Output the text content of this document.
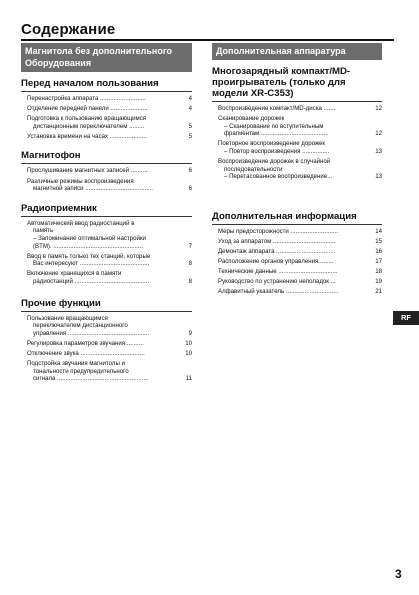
Содержание
Магнитола без дополнительного
Оборудования
Перед началом пользования
Перенастройка аппарата ...........................	4
Отделение передней панели ......................	4
Подготовка к пользованию вращающимся
дистанционным переключателем .........	5
Установка времени на часах ......................	5
Магнитофон
Прослушивание магнитных записей ..........	6
Различные режимы воспроизведения
магнитной записи ........................................	6
Радиоприемник
Автоматический ввод радиостанций в
память
– Запоминание оптимальной настройки
(BTM). .....................................................	7
Ввод в память только тех станций, которые
Вас интересуют .........................................	8
Включение хранящихся в памяти
радиостанций ............................................	8
Прочие функции
Пользование вращающимся
переключателем дистанционного
управления ................................................	9
Регулировка параметров звучания...........	10
Отключение звука ......................................	10
Подстройка звучания магнитолы и
тональности предупредительного
сигнала ......................................................	11
Дополнительная аппаратура
Многозарядный компакт/MD-проигрыватель (только для модели XR-C353)
Воспроизведение компакт/MD-диска .......	12
Сканирование дорожек
– Сканирование по вступительным
фрагментам ........................................	12
Повторное воспроизведение дорожек
– Повтор воспроизведения ................	13
Воспроизведение дорожек в случайной
последовательности
– Перетасованное воспроизведение...	13
Дополнительная информация
Меры предосторожности ............................	14
Уход за аппаратом .....................................	15
Демонтаж аппарата ...................................	16
Расположение органов управления.........	17
Технические данные ...................................	18
Руководство по устранению неполадок ...	19
Алфавитный указатель ...............................	21
RF
3
